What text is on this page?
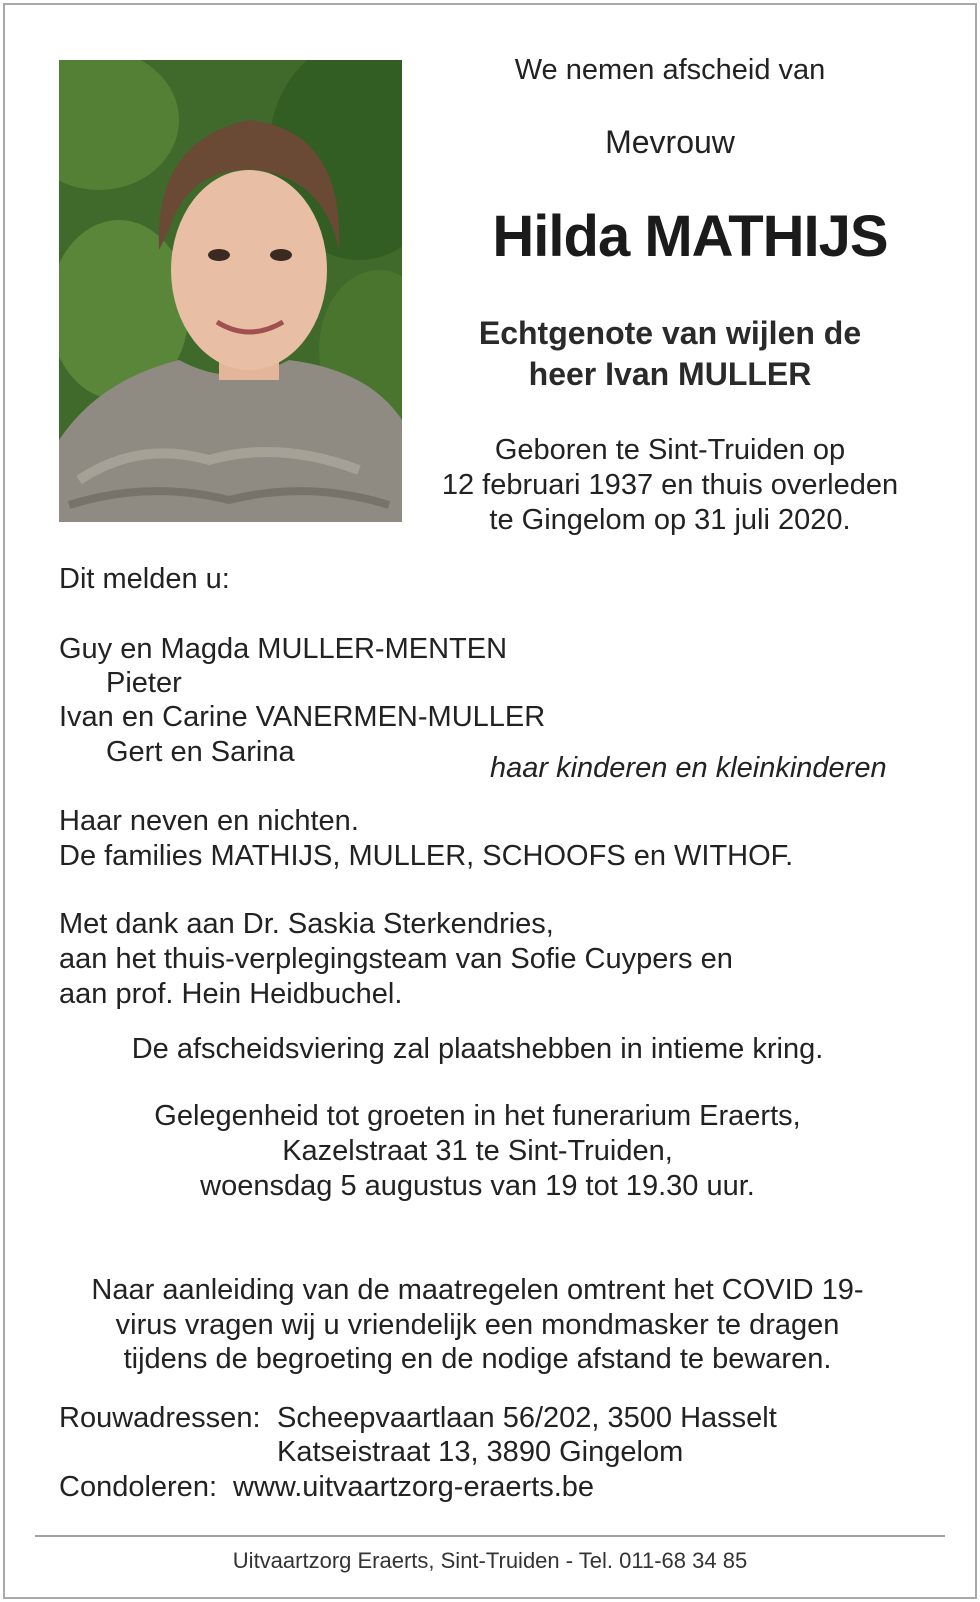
We nemen afscheid van
Mevrouw
Hilda MATHIJS
Echtgenote van wijlen de
heer Ivan MULLER
Geboren te Sint-Truiden op
12 februari 1937 en thuis overleden
te Gingelom op 31 juli 2020.
Dit melden u:
Guy en Magda MULLER-MENTEN
Pieter
Ivan en Carine VANERMEN-MULLER
Gert en Sarina	haar kinderen en kleinkinderen
Haar neven en nichten.
De families MATHIJS, MULLER, SCHOOFS en WITHOF.
Met dank aan Dr. Saskia Sterkendries,
aan het thuis-verplegingsteam van Sofie Cuypers en
aan prof. Hein Heidbuchel.
De afscheidsviering zal plaatshebben in intieme kring.
Gelegenheid tot groeten in het funerarium Eraerts,
Kazelstraat 31 te Sint-Truiden,
woensdag 5 augustus van 19 tot 19.30 uur.
Naar aanleiding van de maatregelen omtrent het COVID 19-
virus vragen wij u vriendelijk een mondmasker te dragen
tijdens de begroeting en de nodige afstand te bewaren.
Rouwadressen: Scheepvaartlaan 56/202, 3500 Hasselt
Katseistraat 13, 3890 Gingelom
Condoleren: www.uitvaartzorg-eraerts.be
Uitvaartzorg Eraerts, Sint-Truiden - Tel. 011-68 34 85
